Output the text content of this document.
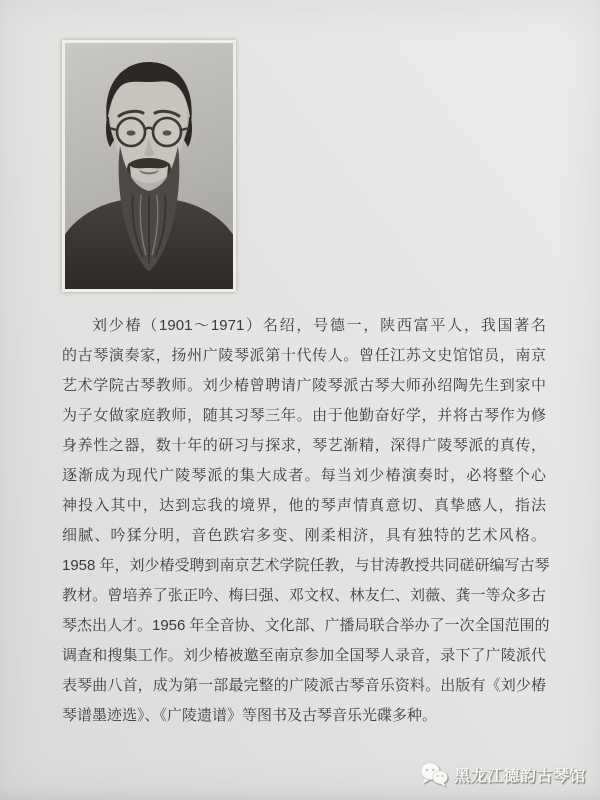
刘少椿（1901～1971）名绍，号德一，陕西富平人，我国著名
的古琴演奏家，扬州广陵琴派第十代传人。曾任江苏文史馆馆员，南京
艺术学院古琴教师。刘少椿曾聘请广陵琴派古琴大师孙绍陶先生到家中
为子女做家庭教师，随其习琴三年。由于他勤奋好学，并将古琴作为修
身养性之器，数十年的研习与探求，琴艺渐精，深得广陵琴派的真传，
逐渐成为现代广陵琴派的集大成者。每当刘少椿演奏时，必将整个心
神投入其中，达到忘我的境界，他的琴声情真意切、真挚感人，指法
细腻、吟猱分明，音色跌宕多变、刚柔相济，具有独特的艺术风格。
1958 年，刘少椿受聘到南京艺术学院任教，与甘涛教授共同磋研编写古琴
教材。曾培养了张正吟、梅曰强、邓文权、林友仁、刘薇、龚一等众多古
琴杰出人才。1956 年全音协、文化部、广播局联合举办了一次全国范围的
调查和搜集工作。刘少椿被邀至南京参加全国琴人录音，录下了广陵派代
表琴曲八首，成为第一部最完整的广陵派古琴音乐资料。出版有《刘少椿
琴谱墨迹选》、《广陵遗谱》等图书及古琴音乐光碟多种。
黑龙江德韵古琴馆
